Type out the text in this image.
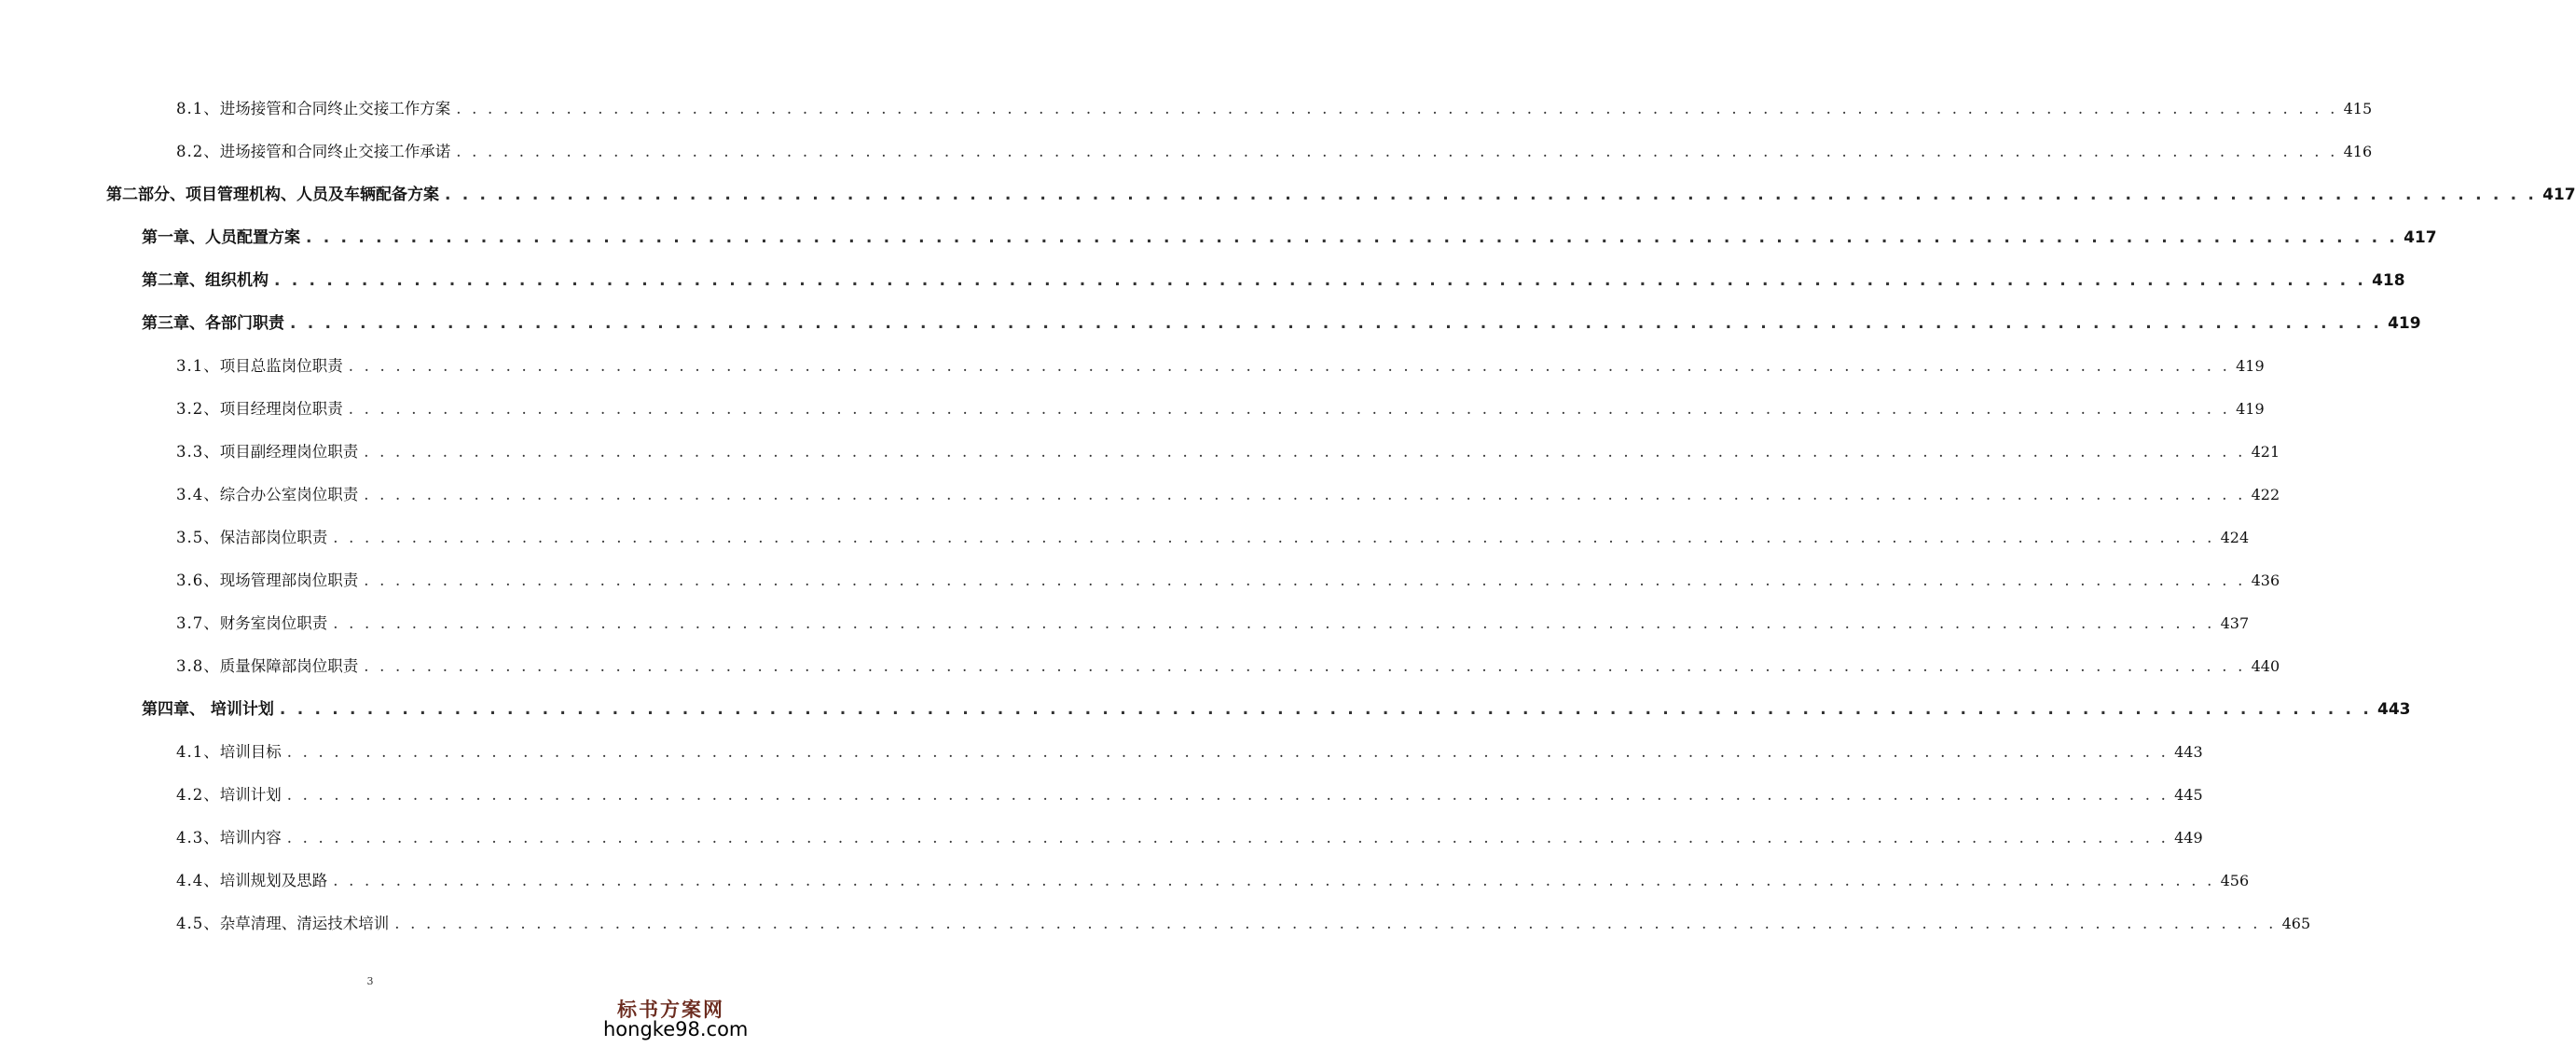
8.1、 进场接管和合同终止交接工作方案 . . . . . . . . . . . . . . . . . . . . . . . . . . . . . . . . . . . . . . . . . . . . . . . . . . . . . . . . . . . . . . . . . . . . . . . . . . . . . . . . . . . . . . . . . . . . . . . . . . . . . . . . . . . . . . . . . . . . . . . . 415
8.2、 进场接管和合同终止交接工作承诺 . . . . . . . . . . . . . . . . . . . . . . . . . . . . . . . . . . . . . . . . . . . . . . . . . . . . . . . . . . . . . . . . . . . . . . . . . . . . . . . . . . . . . . . . . . . . . . . . . . . . . . . . . . . . . . . . . . . . . . . . 416
第二部分、项目管理机构、人员及车辆配备方案 . . . . . . . . . . . . . . . . . . . . . . . . . . . . . . . . . . . . . . . . . . . . . . . . . . . . . . . . . . . . . . . . . . . . . . . . . . . . . . . . . . . . . . . . . . . . . . . . . . . . . . . . . . . . . . . . . . . . . . . . 417
第一章、人员配置方案 . . . . . . . . . . . . . . . . . . . . . . . . . . . . . . . . . . . . . . . . . . . . . . . . . . . . . . . . . . . . . . . . . . . . . . . . . . . . . . . . . . . . . . . . . . . . . . . . . . . . . . . . . . . . . . . . . . . . . . . . 417
第二章、组织机构 . . . . . . . . . . . . . . . . . . . . . . . . . . . . . . . . . . . . . . . . . . . . . . . . . . . . . . . . . . . . . . . . . . . . . . . . . . . . . . . . . . . . . . . . . . . . . . . . . . . . . . . . . . . . . . . . . . . . . . . . 418
第三章、各部门职责 . . . . . . . . . . . . . . . . . . . . . . . . . . . . . . . . . . . . . . . . . . . . . . . . . . . . . . . . . . . . . . . . . . . . . . . . . . . . . . . . . . . . . . . . . . . . . . . . . . . . . . . . . . . . . . . . . . . . . . . . 419
3.1、 项目总监岗位职责 . . . . . . . . . . . . . . . . . . . . . . . . . . . . . . . . . . . . . . . . . . . . . . . . . . . . . . . . . . . . . . . . . . . . . . . . . . . . . . . . . . . . . . . . . . . . . . . . . . . . . . . . . . . . . . . . . . . . . . . . 419
3.2、 项目经理岗位职责 . . . . . . . . . . . . . . . . . . . . . . . . . . . . . . . . . . . . . . . . . . . . . . . . . . . . . . . . . . . . . . . . . . . . . . . . . . . . . . . . . . . . . . . . . . . . . . . . . . . . . . . . . . . . . . . . . . . . . . . . 419
3.3、 项目副经理岗位职责 . . . . . . . . . . . . . . . . . . . . . . . . . . . . . . . . . . . . . . . . . . . . . . . . . . . . . . . . . . . . . . . . . . . . . . . . . . . . . . . . . . . . . . . . . . . . . . . . . . . . . . . . . . . . . . . . . . . . . . . . 421
3.4、 综合办公室岗位职责 . . . . . . . . . . . . . . . . . . . . . . . . . . . . . . . . . . . . . . . . . . . . . . . . . . . . . . . . . . . . . . . . . . . . . . . . . . . . . . . . . . . . . . . . . . . . . . . . . . . . . . . . . . . . . . . . . . . . . . . . 422
3.5、 保洁部岗位职责 . . . . . . . . . . . . . . . . . . . . . . . . . . . . . . . . . . . . . . . . . . . . . . . . . . . . . . . . . . . . . . . . . . . . . . . . . . . . . . . . . . . . . . . . . . . . . . . . . . . . . . . . . . . . . . . . . . . . . . . . 424
3.6、 现场管理部岗位职责 . . . . . . . . . . . . . . . . . . . . . . . . . . . . . . . . . . . . . . . . . . . . . . . . . . . . . . . . . . . . . . . . . . . . . . . . . . . . . . . . . . . . . . . . . . . . . . . . . . . . . . . . . . . . . . . . . . . . . . . . 436
3.7、 财务室岗位职责 . . . . . . . . . . . . . . . . . . . . . . . . . . . . . . . . . . . . . . . . . . . . . . . . . . . . . . . . . . . . . . . . . . . . . . . . . . . . . . . . . . . . . . . . . . . . . . . . . . . . . . . . . . . . . . . . . . . . . . . . 437
3.8、 质量保障部岗位职责 . . . . . . . . . . . . . . . . . . . . . . . . . . . . . . . . . . . . . . . . . . . . . . . . . . . . . . . . . . . . . . . . . . . . . . . . . . . . . . . . . . . . . . . . . . . . . . . . . . . . . . . . . . . . . . . . . . . . . . . . 440
第四章、 培训计划 . . . . . . . . . . . . . . . . . . . . . . . . . . . . . . . . . . . . . . . . . . . . . . . . . . . . . . . . . . . . . . . . . . . . . . . . . . . . . . . . . . . . . . . . . . . . . . . . . . . . . . . . . . . . . . . . . . . . . . . . 443
4.1、 培训目标 . . . . . . . . . . . . . . . . . . . . . . . . . . . . . . . . . . . . . . . . . . . . . . . . . . . . . . . . . . . . . . . . . . . . . . . . . . . . . . . . . . . . . . . . . . . . . . . . . . . . . . . . . . . . . . . . . . . . . . . . 443
4.2、 培训计划 . . . . . . . . . . . . . . . . . . . . . . . . . . . . . . . . . . . . . . . . . . . . . . . . . . . . . . . . . . . . . . . . . . . . . . . . . . . . . . . . . . . . . . . . . . . . . . . . . . . . . . . . . . . . . . . . . . . . . . . . 445
4.3、 培训内容 . . . . . . . . . . . . . . . . . . . . . . . . . . . . . . . . . . . . . . . . . . . . . . . . . . . . . . . . . . . . . . . . . . . . . . . . . . . . . . . . . . . . . . . . . . . . . . . . . . . . . . . . . . . . . . . . . . . . . . . . 449
4.4、 培训规划及思路 . . . . . . . . . . . . . . . . . . . . . . . . . . . . . . . . . . . . . . . . . . . . . . . . . . . . . . . . . . . . . . . . . . . . . . . . . . . . . . . . . . . . . . . . . . . . . . . . . . . . . . . . . . . . . . . . . . . . . . . . 456
4.5、 杂草清理、清运技术培训 . . . . . . . . . . . . . . . . . . . . . . . . . . . . . . . . . . . . . . . . . . . . . . . . . . . . . . . . . . . . . . . . . . . . . . . . . . . . . . . . . . . . . . . . . . . . . . . . . . . . . . . . . . . . . . . . . . . . . . . . 465
3
标书方案网
hongke98.com
